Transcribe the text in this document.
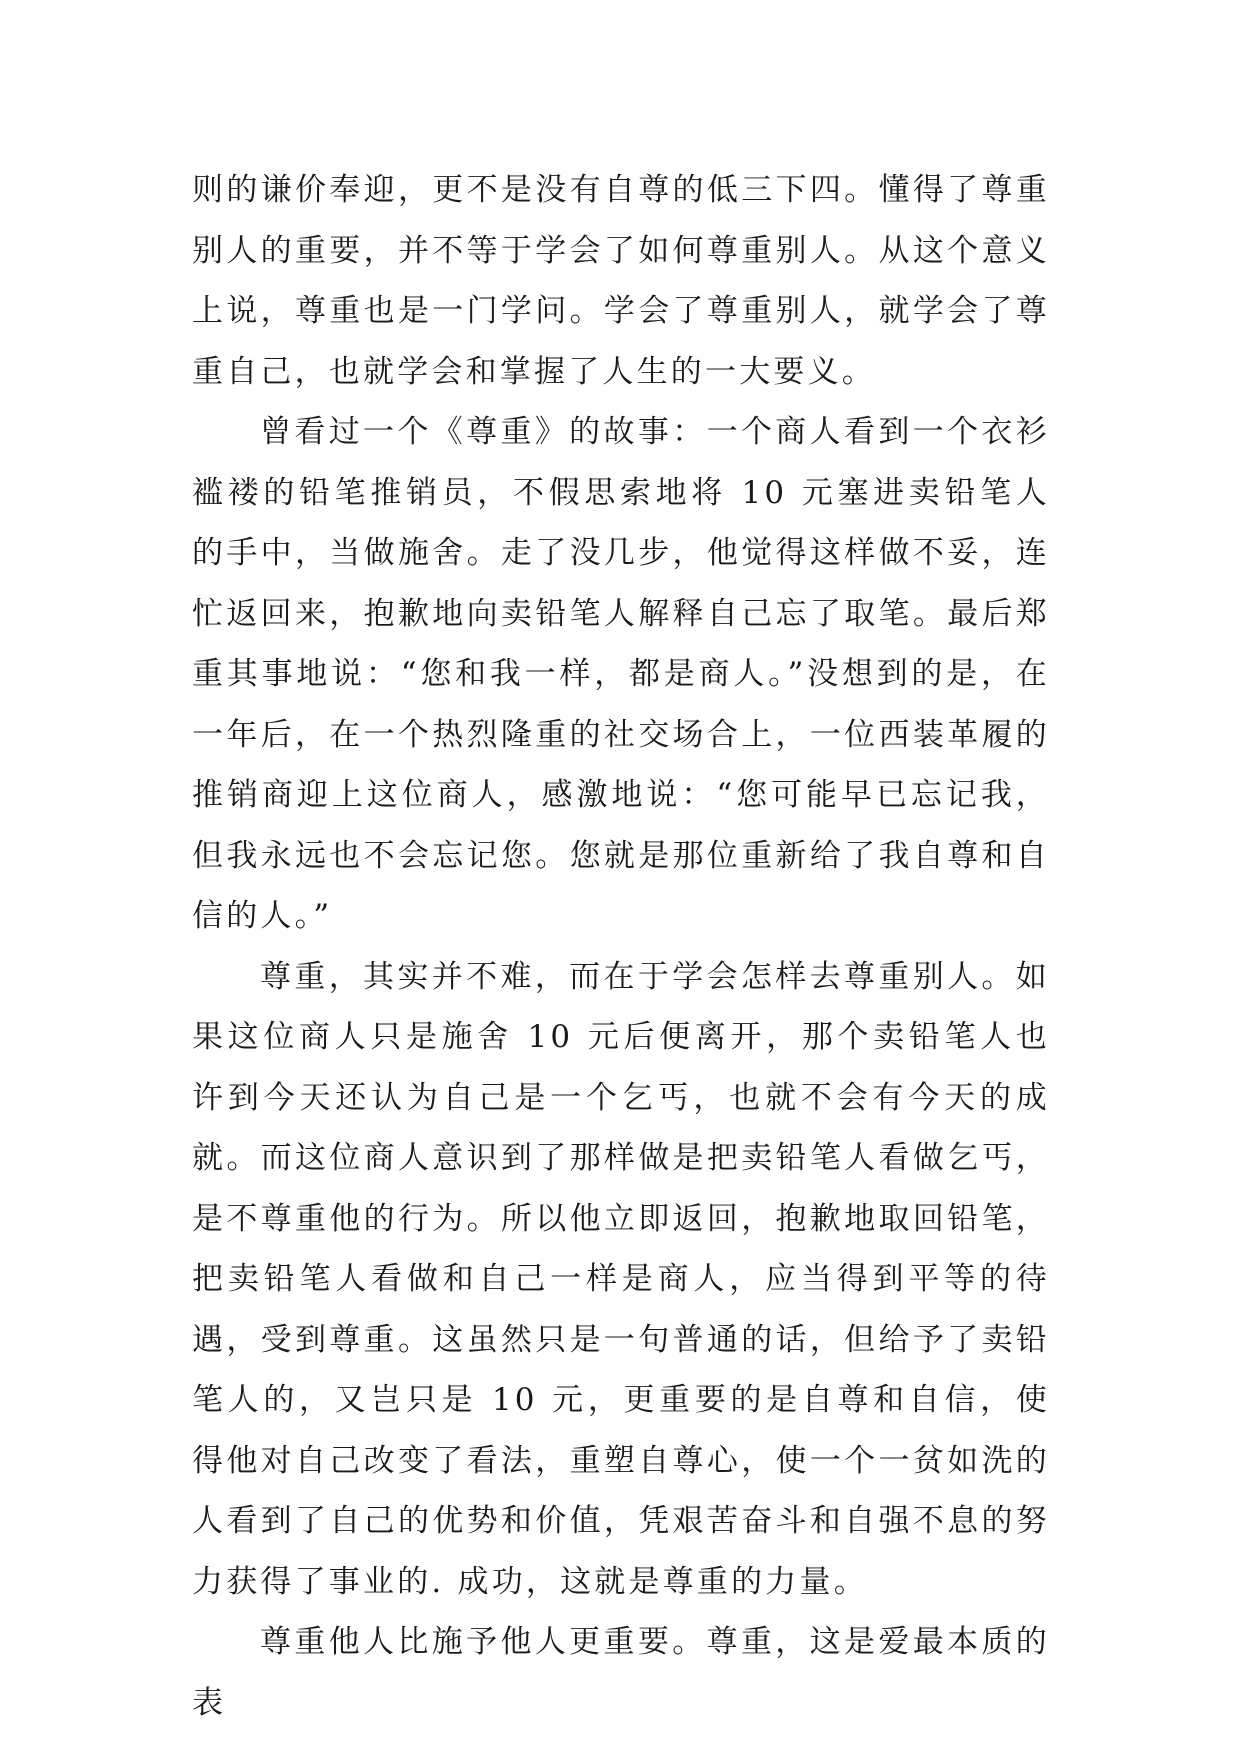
则的谦价奉迎，更不是没有自尊的低三下四。懂得了尊重别人的重要，并不等于学会了如何尊重别人。从这个意义上说，尊重也是一门学问。学会了尊重别人，就学会了尊重自己，也就学会和掌握了人生的一大要义。

曾看过一个《尊重》的故事：一个商人看到一个衣衫褴褛的铅笔推销员，不假思索地将 10 元塞进卖铅笔人的手中，当做施舍。走了没几步，他觉得这样做不妥，连忙返回来，抱歉地向卖铅笔人解释自己忘了取笔。最后郑重其事地说：“您和我一样，都是商人。”没想到的是，在一年后，在一个热烈隆重的社交场合上，一位西装革履的推销商迎上这位商人，感激地说：“您可能早已忘记我，但我永远也不会忘记您。您就是那位重新给了我自尊和自信的人。”

尊重，其实并不难，而在于学会怎样去尊重别人。如果这位商人只是施舍 10 元后便离开，那个卖铅笔人也许到今天还认为自己是一个乞丐，也就不会有今天的成就。而这位商人意识到了那样做是把卖铅笔人看做乞丐，是不尊重他的行为。所以他立即返回，抱歉地取回铅笔，把卖铅笔人看做和自己一样是商人，应当得到平等的待遇，受到尊重。这虽然只是一句普通的话，但给予了卖铅笔人的，又岂只是 10 元，更重要的是自尊和自信，使得他对自己改变了看法，重塑自尊心，使一个一贫如洗的人看到了自己的优势和价值，凭艰苦奋斗和自强不息的努力获得了事业的. 成功，这就是尊重的力量。

尊重他人比施予他人更重要。尊重，这是爱最本质的表
